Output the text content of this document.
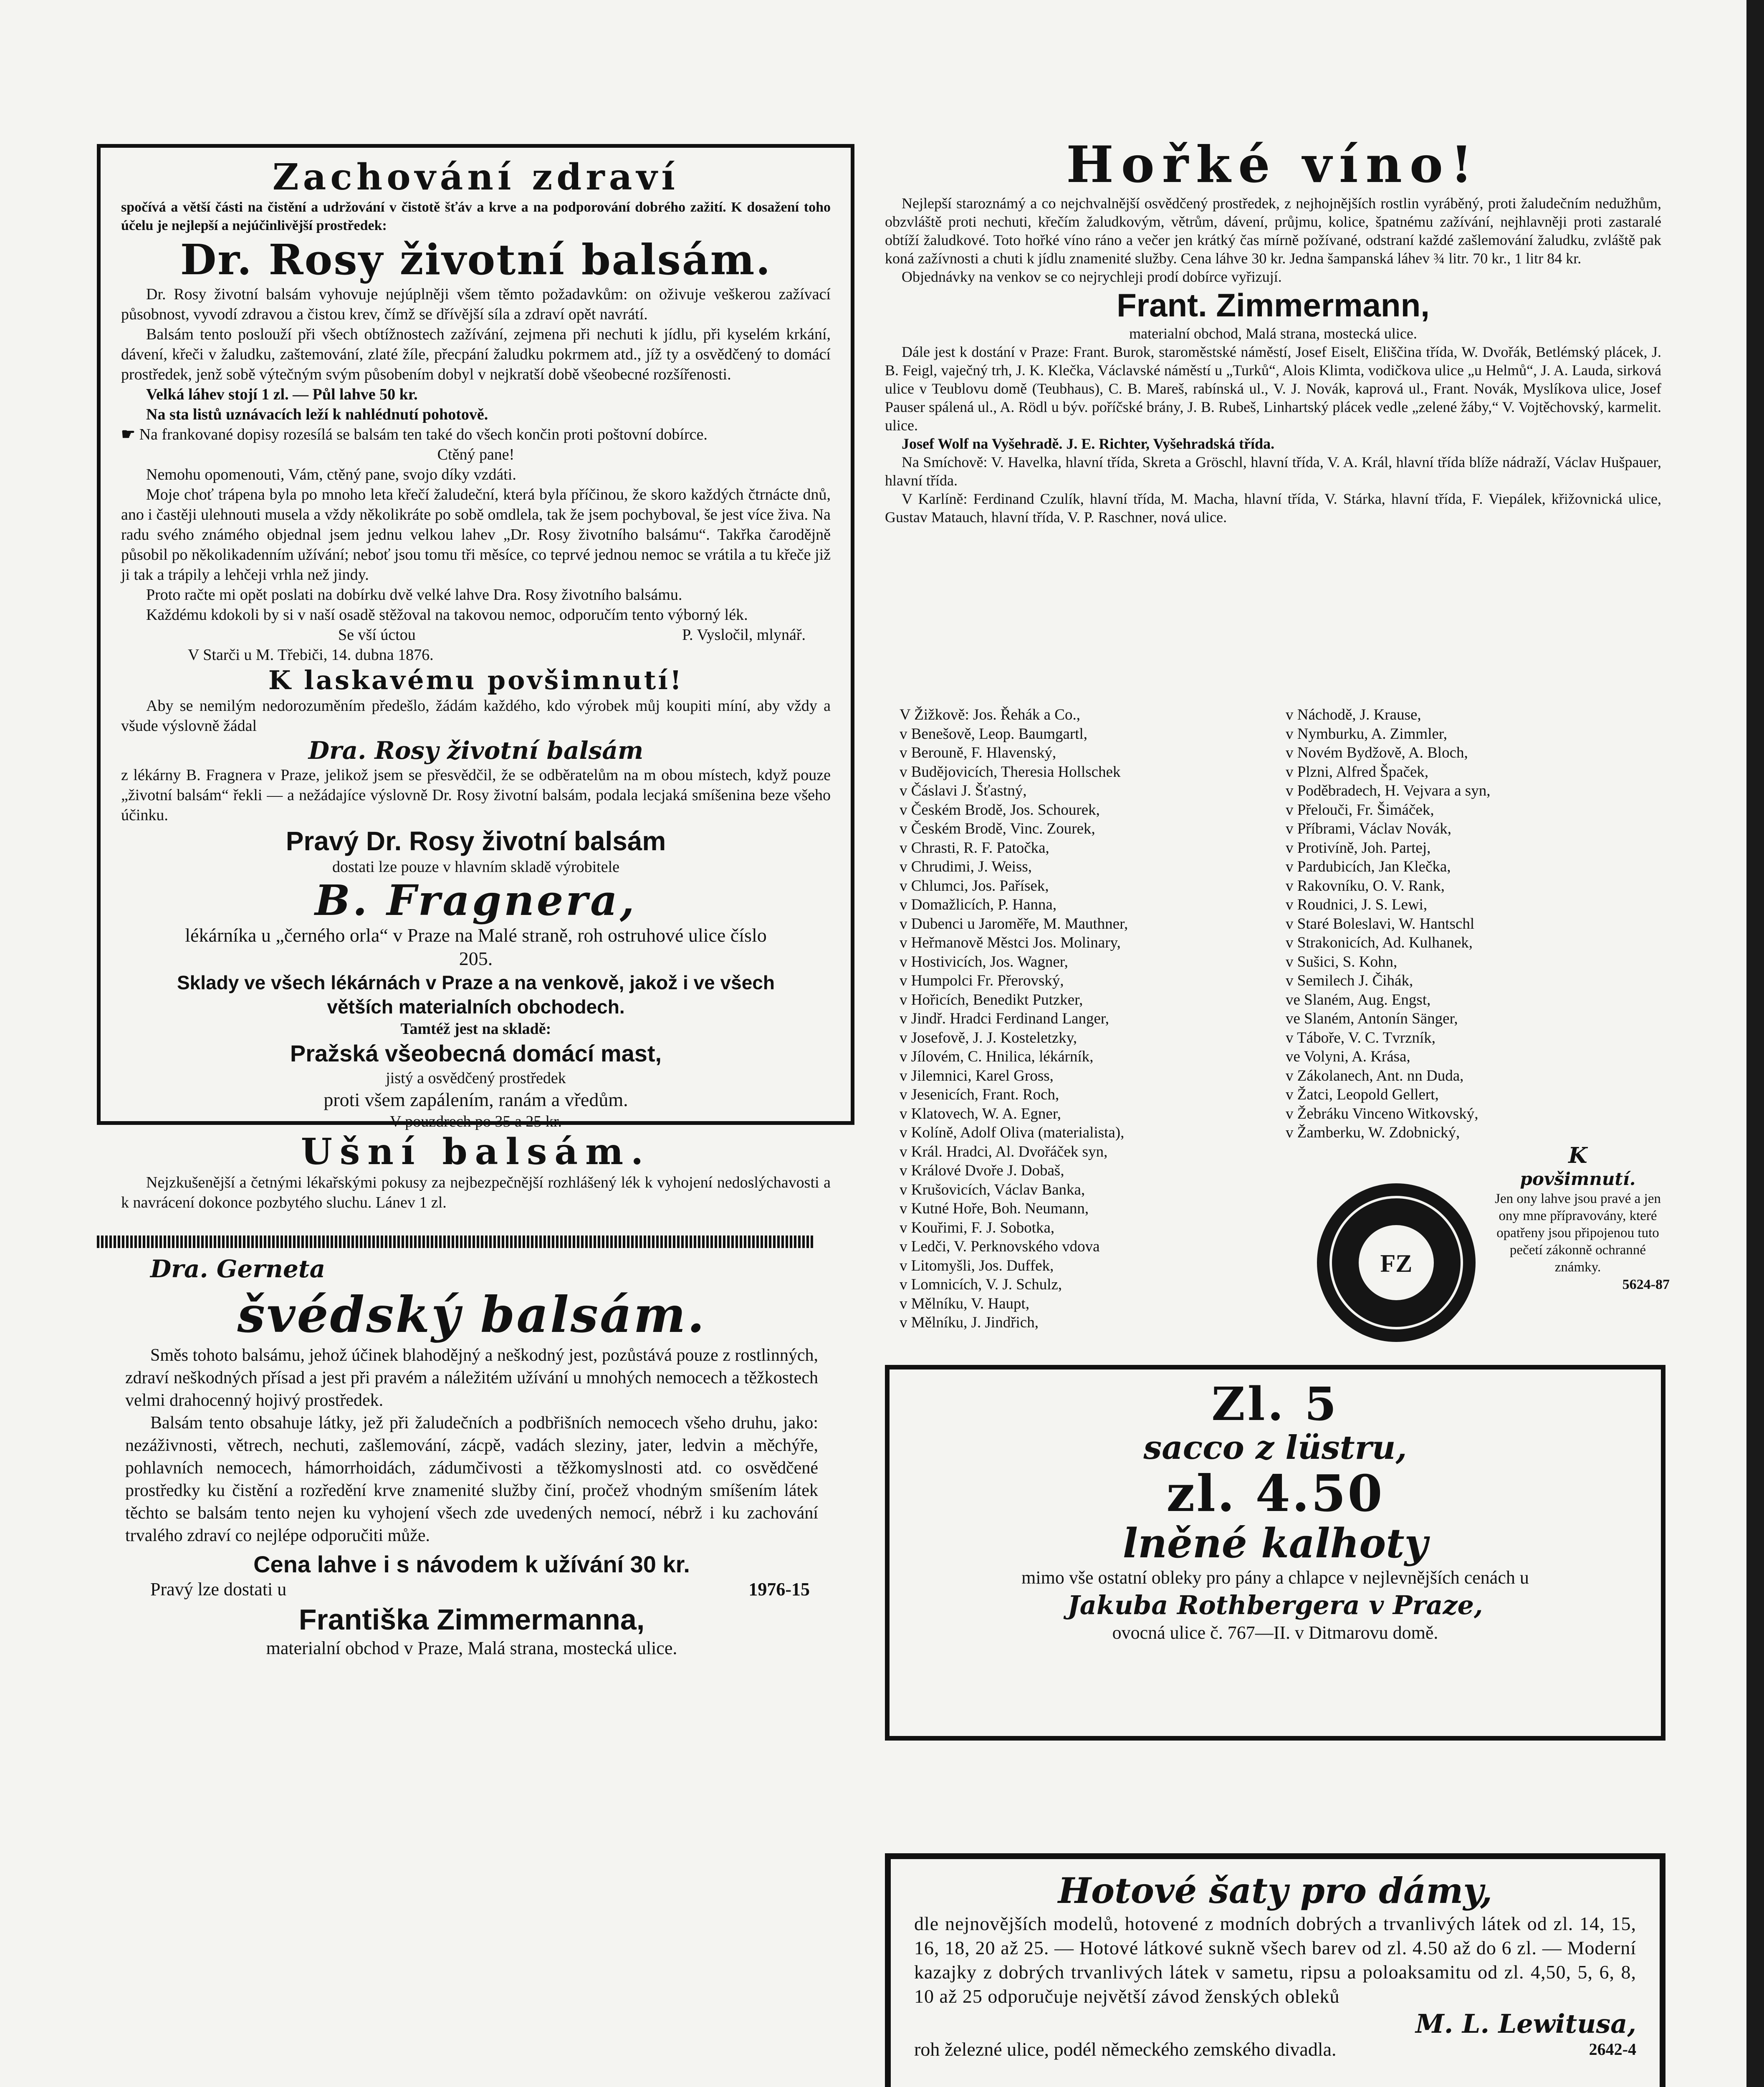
Zachování zdraví

spočívá a větší části na čistění a udržování v čistotě šťáv a krve a na podporování dobrého zažití. K dosažení toho účelu je nejlepší a nejúčinlivější prostředek:

Dr. Rosy životní balsám.

Dr. Rosy životní balsám vyhovuje nejúplněji všem těmto požadavkům: on oživuje veškerou zažívací působnost, vyvodí zdravou a čistou krev, čímž se dřívější síla a zdraví opět navrátí.

Balsám tento poslouží při všech obtížnostech zažívání, zejmena při nechuti k jídlu, při kyselém krkání, dávení, křeči v žaludku, zaštemování, zlaté žíle, přecpání žaludku pokrmem atd., jíž ty a osvědčený to domácí prostředek, jenž sobě výtečným svým působením dobyl v nejkratší době všeobecné rozšířenosti.

Velká láhev stojí 1 zl. — Půl lahve 50 kr.

Na sta listů uznávacích leží k nahlédnutí pohotově.

☛ Na frankované dopisy rozesílá se balsám ten také do všech končin proti poštovní dobírce.

Ctěný pane!

Nemohu opomenouti, Vám, ctěný pane, svojo díky vzdáti.

Moje choť trápena byla po mnoho leta křečí žaludeční, která byla příčinou, že skoro každých čtrnácte dnů, ano i častěji ulehnouti musela a vždy několikráte po sobě omdlela, tak že jsem pochyboval, še jest více živa. Na radu svého známého objednal jsem jednu velkou lahev „Dr. Rosy životního balsámu“. Takřka čarodějně působil po několikadenním užívání; neboť jsou tomu tři měsíce, co teprvé jednou nemoc se vrátila a tu křeče již ji tak a trápily a lehčeji vrhla než jindy.

Proto račte mi opět poslati na dobírku dvě velké lahve Dra. Rosy životního balsámu.

Každému kdokoli by si v naší osadě stěžoval na takovou nemoc, odporučím tento výborný lék.

Se vší úctou	P. Vysločil, mlynář.

V Starči u M. Třebiči, 14. dubna 1876.

K laskavému povšimnutí!

Aby se nemilým nedorozuměním předešlo, žádám každého, kdo výrobek můj koupiti míní, aby vždy a všude výslovně žádal

Dra. Rosy životní balsám

z lékárny B. Fragnera v Praze, jelikož jsem se přesvědčil, že se odběratelům na m obou místech, když pouze „životní balsám“ řekli — a nežádajíce výslovně Dr. Rosy životní balsám, podala lecjaká smíšenina beze všeho účinku.

Pravý Dr. Rosy životní balsám

dostati lze pouze v hlavním skladě výrobitele

B. Fragnera,

lékárníka u „černého orla“ v Praze na Malé straně, roh ostruhové ulice číslo 205.

Sklady ve všech lékárnách v Praze a na venkově, jakož i ve všech větších materialních obchodech.

Tamtéž jest na skladě:

Pražská všeobecná domácí mast,

jistý a osvědčený prostředek

proti všem zapálením, ranám a vředům.

V pouzdrech po 35 a 25 kr.

Ušní balsám.

Nejzkušenější a četnými lékařskými pokusy za nejbezpečnější rozhlášený lék k vyhojení nedoslýchavosti a k navrácení dokonce pozbytého sluchu. Lánev 1 zl.

Dra. Gerneta
švédský balsám.

Směs tohoto balsámu, jehož účinek blahodějný a neškodný jest, pozůstává pouze z rostlinných, zdraví neškodných přísad a jest při pravém a náležitém užívání u mnohých nemocech a těžkostech velmi drahocenný hojivý prostředek.

Balsám tento obsahuje látky, jež při žaludečních a podbřišních nemocech všeho druhu, jako: nezáživnosti, větrech, nechuti, zašlemování, zácpě, vadách sleziny, jater, ledvin a měchýře, pohlavních nemocech, hámorrhoidách, zádumčivosti a těžkomyslnosti atd. co osvědčené prostředky ku čistění a rozředění krve znamenité služby činí, pročež vhodným smíšením látek těchto se balsám tento nejen ku vyhojení všech zde uvedených nemocí, nébrž i ku zachování trvalého zdraví co nejlépe odporučiti může.

Cena lahve i s návodem k užívání 30 kr.
Pravý lze dostati u	1976-15
Františka Zimmermanna,

materialní obchod v Praze, Malá strana, mostecká ulice.

Hořké víno!

Nejlepší staroznámý a co nejchvalnější osvědčený prostředek, z nejhojnějších rostlin vyráběný, proti žaludečním nedužhům, obzvláště proti nechuti, křečím žaludkovým, větrům, dávení, průjmu, kolice, špatnému zažívání, nejhlavněji proti zastaralé obtíží žaludkové. Toto hořké víno ráno a večer jen krátký čas mírně požívané, odstraní každé zašlemování žaludku, zvláště pak koná zažívnosti a chuti k jídlu znamenité služby. Cena láhve 30 kr. Jedna šampanská láhev ¾ litr. 70 kr., 1 litr 84 kr.

Objednávky na venkov se co nejrychleji prodí dobírce vyřizují.

Frant. Zimmermann,

materialní obchod, Malá strana, mostecká ulice.

Dále jest k dostání v Praze: Frant. Burok, staroměstské náměstí, Josef Eiselt, Eliščina třída, W. Dvořák, Betlémský plácek, J. B. Feigl, vaječný trh, J. K. Klečka, Václavské náměstí u „Turků“, Alois Klimta, vodičkova ulice „u Helmů“, J. A. Lauda, sirková ulice v Teublovu domě (Teubhaus), C. B. Mareš, rabínská ul., V. J. Novák, kaprová ul., Frant. Novák, Myslíkova ulice, Josef Pauser spálená ul., A. Rödl u býv. poříčské brány, J. B. Rubeš, Linhartský plácek vedle „zelené žáby,“ V. Vojtěchovský, karmelit. ulice.

Josef Wolf na Vyšehradě. J. E. Richter, Vyšehradská třída.

Na Smíchově: V. Havelka, hlavní třída, Skreta a Gröschl, hlavní třída, V. A. Král, hlavní třída blíže nádraží, Václav Hušpauer, hlavní třída.

V Karlíně: Ferdinand Czulík, hlavní třída, M. Macha, hlavní třída, V. Stárka, hlavní třída, F. Viepálek, křižovnická ulice, Gustav Matauch, hlavní třída, V. P. Raschner, nová ulice.

V Žižkově: Jos. Řehák a Co.,
v Benešově, Leop. Baumgartl,
v Berouně, F. Hlavenský,
v Budějovicích, Theresia Hollschek
v Čáslavi J. Šťastný,
v Českém Brodě, Jos. Schourek,
v Českém Brodě, Vinc. Zourek,
v Chrasti, R. F. Patočka,
v Chrudimi, J. Weiss,
v Chlumci, Jos. Pařísek,
v Domažlicích, P. Hanna,
v Dubenci u Jaroměře, M. Mauthner,
v Heřmanově Městci Jos. Molinary,
v Hostivicích, Jos. Wagner,
v Humpolci Fr. Přerovský,
v Hořicích, Benedikt Putzker,
v Jindř. Hradci Ferdinand Langer,
v Josefově, J. J. Kosteletzky,
v Jílovém, C. Hnilica, lékárník,
v Jilemnici, Karel Gross,
v Jesenicích, Frant. Roch,
v Klatovech, W. A. Egner,
v Kolíně, Adolf Oliva (materialista),
v Král. Hradci, Al. Dvořáček syn,
v Králové Dvoře J. Dobaš,
v Krušovicích, Václav Banka,
v Kutné Hoře, Boh. Neumann,
v Kouřimi, F. J. Sobotka,
v Ledči, V. Perknovského vdova
v Litomyšli, Jos. Duffek,
v Lomnicích, V. J. Schulz,
v Mělníku, V. Haupt,
v Mělníku, J. Jindřich,
v Náchodě, J. Krause,
v Nymburku, A. Zimmler,
v Novém Bydžově, A. Bloch,
v Plzni, Alfred Špaček,
v Poděbradech, H. Vejvara a syn,
v Přelouči, Fr. Šimáček,
v Příbrami, Václav Novák,
v Protivíně, Joh. Partej,
v Pardubicích, Jan Klečka,
v Rakovníku, O. V. Rank,
v Roudnici, J. S. Lewi,
v Staré Boleslavi, W. Hantschl
v Strakonicích, Ad. Kulhanek,
v Sušici, S. Kohn,
v Semilech J. Čihák,
ve Slaném, Aug. Engst,
ve Slaném, Antonín Sänger,
v Táboře, V. C. Tvrzník,
ve Volyni, A. Krása,
v Zákolanech, Ant. nn Duda,
v Žatci, Leopold Gellert,
v Žebráku Vinceno Witkovský,
v Žamberku, W. Zdobnický,
K
povšimnutí.

Jen ony lahve jsou pravé a jen ony mne přípravovány, které opatřeny jsou připojenou tuto pečetí zákonně ochranné známky.

5624-87

FZ
Zl. 5
sacco z lüstru,
zl. 4.50
lněné kalhoty

mimo vše ostatní obleky pro pány a chlapce v nejlevnějších cenách u

Jakuba Rothbergera v Praze,

ovocná ulice č. 767—II. v Ditmarovu domě.

Hotové šaty pro dámy,

dle nejnovějších modelů, hotovené z modních dobrých a trvanlivých látek od zl. 14, 15, 16, 18, 20 až 25. — Hotové látkové sukně všech barev od zl. 4.50 až do 6 zl. — Moderní kazajky z dobrých trvanlivých látek v sametu, ripsu a poloaksamitu od zl. 4,50, 5, 6, 8, 10 až 25 odporučuje největší závod ženských obleků

M. L. Lewitusa,
roh železné ulice, podél německého zemského divadla.	2642-4
